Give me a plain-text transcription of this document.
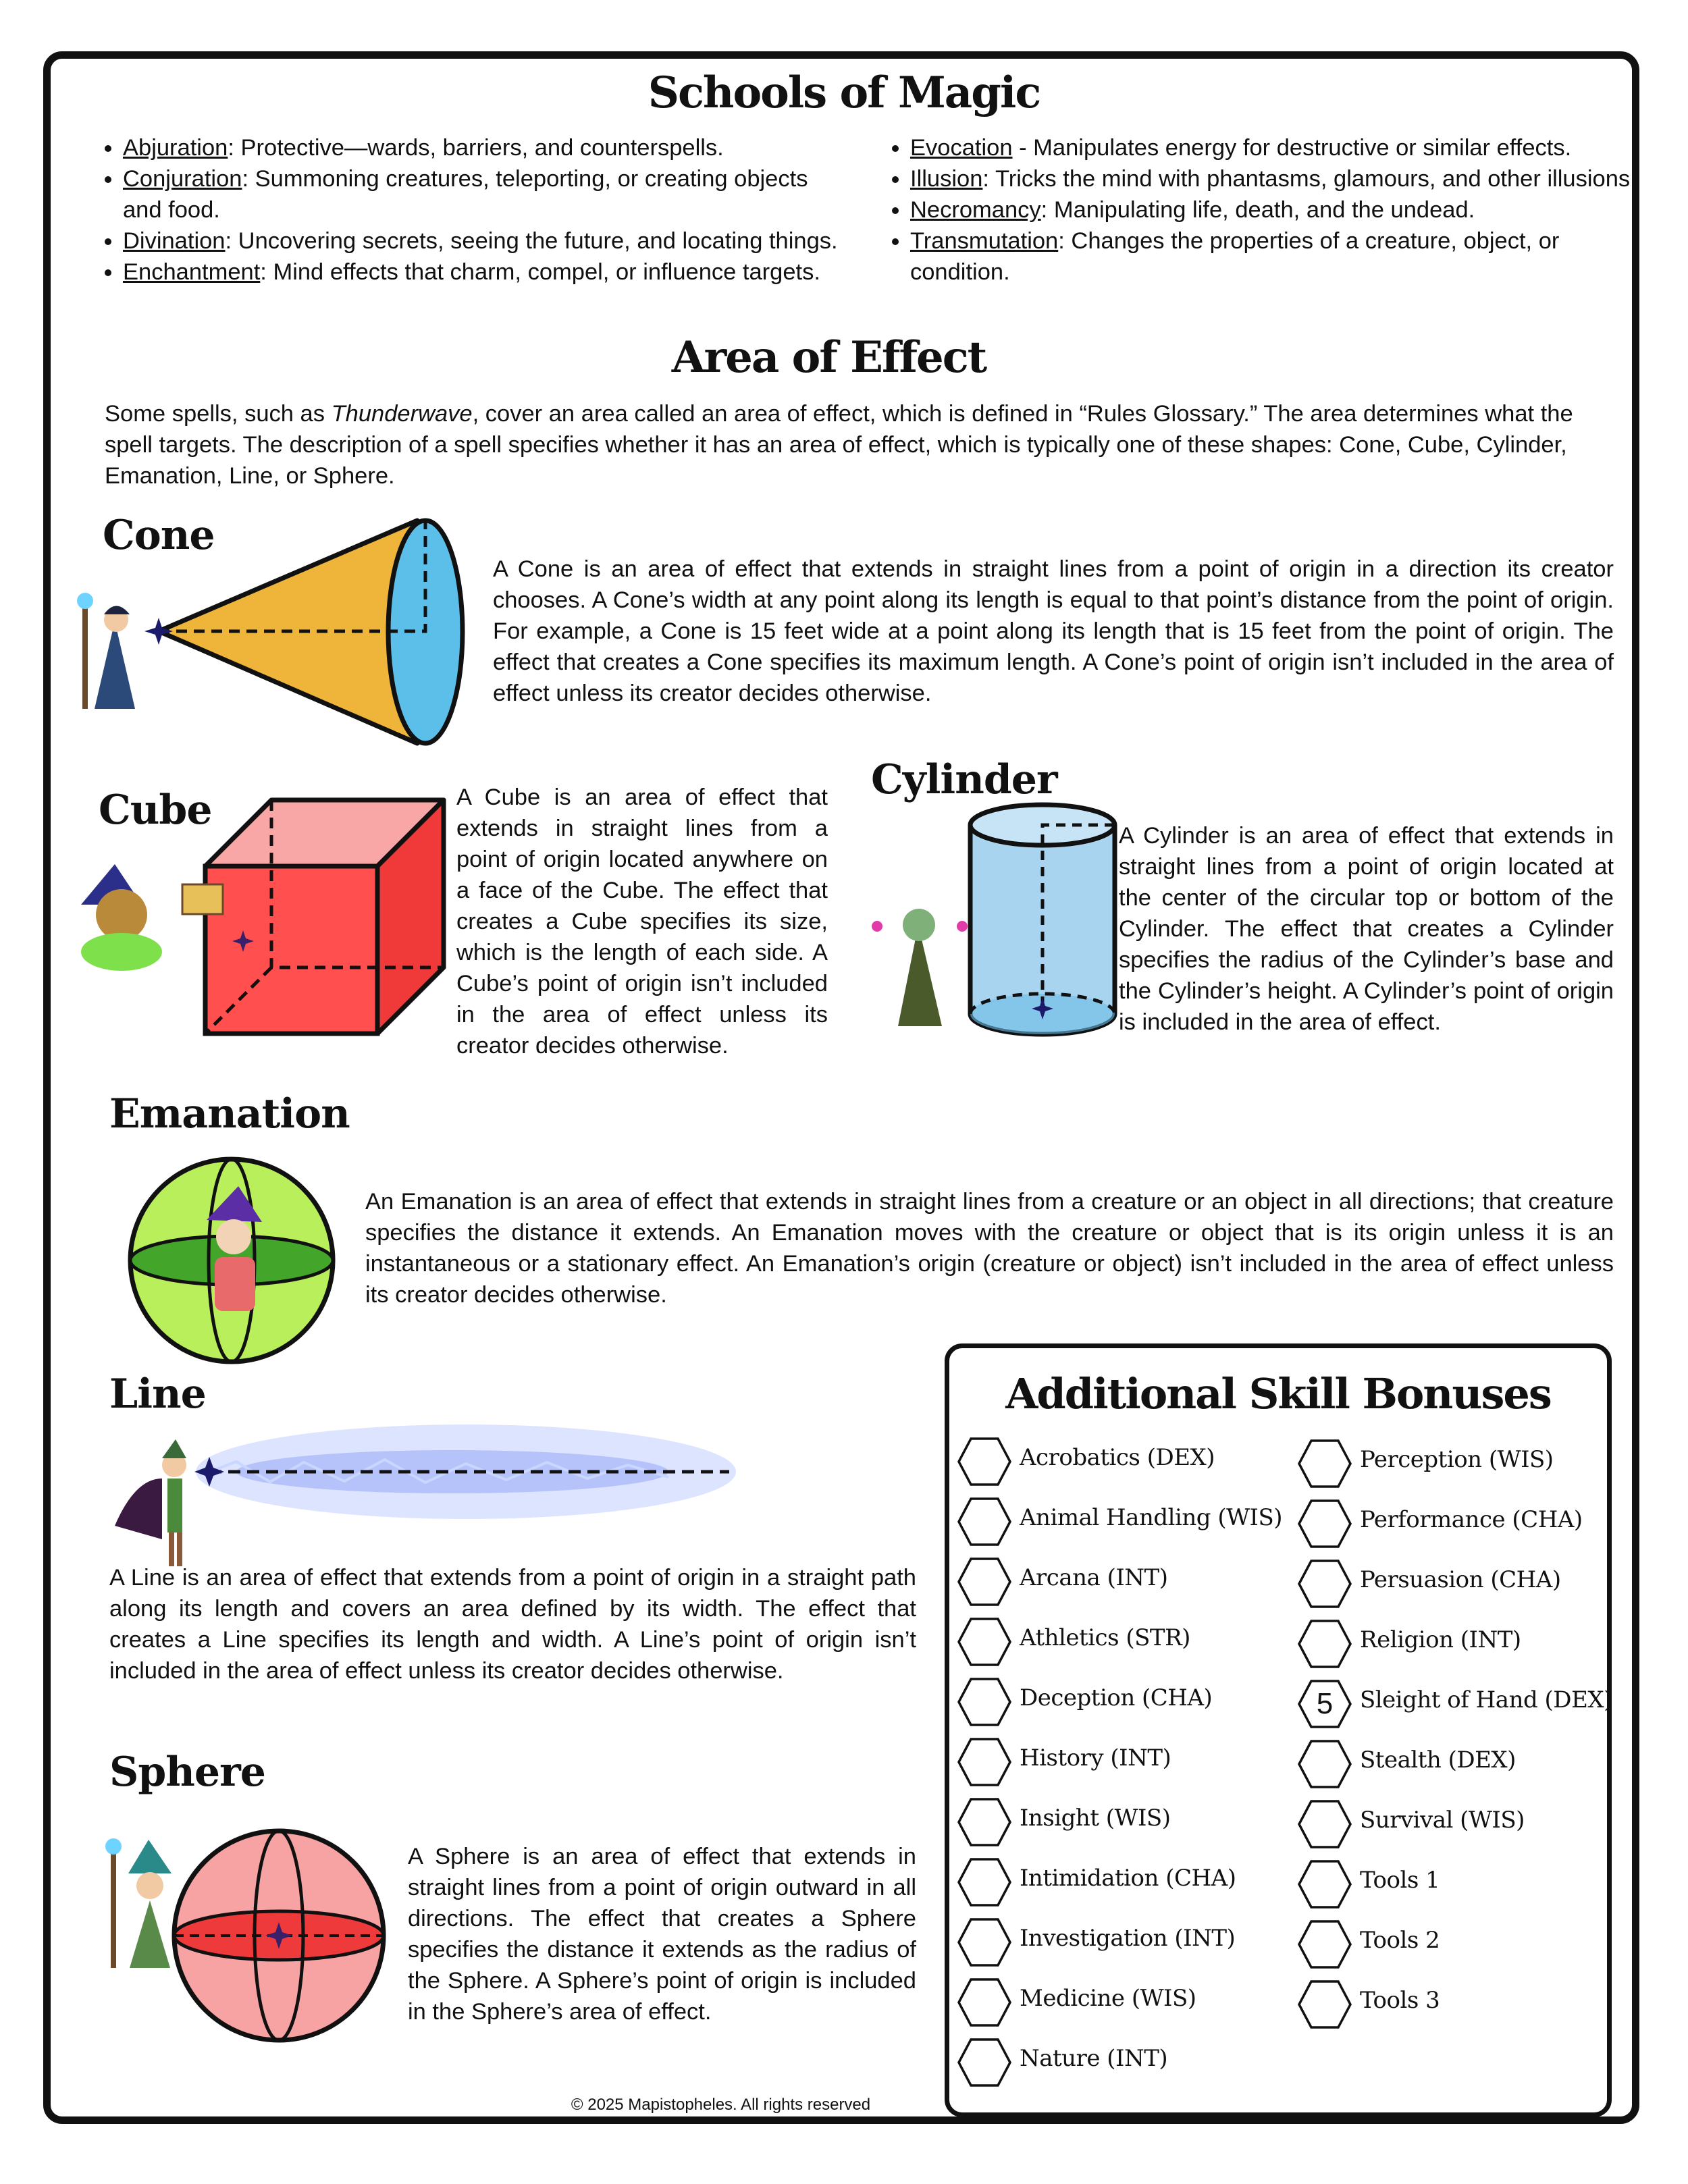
Schools of Magic
• Abjuration: Protective—wards, barriers, and counterspells.
• Conjuration: Summoning creatures, teleporting, or creating objects and food.
• Divination: Uncovering secrets, seeing the future, and locating things.
• Enchantment: Mind effects that charm, compel, or influence targets.
• Evocation - Manipulates energy for destructive or similar effects.
• Illusion: Tricks the mind with phantasms, glamours, and other illusions.
• Necromancy: Manipulating life, death, and the undead.
• Transmutation: Changes the properties of a creature, object, or condition.
Area of Effect
Some spells, such as Thunderwave, cover an area called an area of effect, which is defined in “Rules Glossary.” The area determines what the spell targets. The description of a spell specifies whether it has an area of effect, which is typically one of these shapes: Cone, Cube, Cylinder, Emanation, Line, or Sphere.
Cone
A Cone is an area of effect that extends in straight lines from a point of origin in a direction its creator chooses. A Cone’s width at any point along its length is equal to that point’s distance from the point of origin. For example, a Cone is 15 feet wide at a point along its length that is 15 feet from the point of origin. The effect that creates a Cone specifies its maximum length. A Cone’s point of origin isn’t included in the area of effect unless its creator decides otherwise.
Cube	A Cube is an area of effect that extends in straight lines from a point of origin located anywhere on a face of the Cube. The effect that creates a Cube specifies its size, which is the length of each side. A Cube’s point of origin isn’t included in the area of effect unless its creator decides otherwise.
Cylinder
A Cylinder is an area of effect that extends in straight lines from a point of origin located at the center of the circular top or bottom of the Cylinder. The effect that creates a Cylinder specifies the radius of the Cylinder’s base and the Cylinder’s height. A Cylinder’s point of origin is included in the area of effect.
Emanation
An Emanation is an area of effect that extends in straight lines from a creature or an object in all directions; that creature specifies the distance it extends. An Emanation moves with the creature or object that is its origin unless it is an instantaneous or a stationary effect. An Emanation’s origin (creature or object) isn’t included in the area of effect unless its creator decides otherwise.
Line
A Line is an area of effect that extends from a point of origin in a straight path along its length and covers an area defined by its width. The effect that creates a Line specifies its length and width. A Line’s point of origin isn’t included in the area of effect unless its creator decides otherwise.
Sphere
A Sphere is an area of effect that extends in straight lines from a point of origin outward in all directions. The effect that creates a Sphere specifies the distance it extends as the radius of the Sphere. A Sphere’s point of origin is included in the Sphere’s area of effect.
Additional Skill Bonuses
Acrobatics (DEX)
Animal Handling (WIS)
Arcana (INT)
Athletics (STR)
Deception (CHA)
History (INT)
Insight (WIS)
Intimidation (CHA)
Investigation (INT)
Medicine (WIS)
Nature (INT)
Perception (WIS)
Performance (CHA)
Persuasion (CHA)
Religion (INT)
5	Sleight of Hand (DEX)
Stealth (DEX)
Survival (WIS)
Tools 1
Tools 2
Tools 3
© 2025 Mapistopheles. All rights reserved
